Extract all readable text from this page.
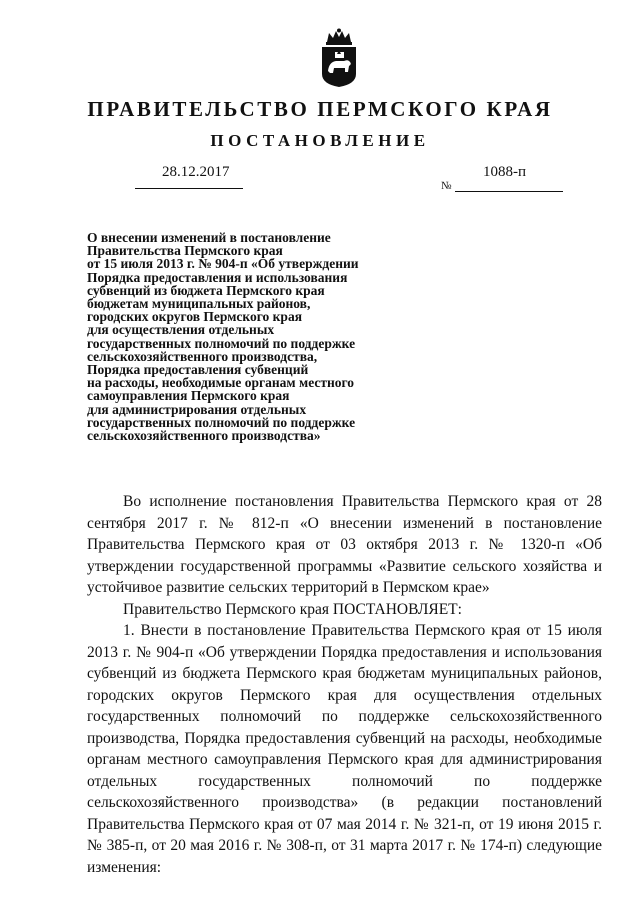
ПРАВИТЕЛЬСТВО ПЕРМСКОГО КРАЯ
ПОСТАНОВЛЕНИЕ
28.12.2017
№
1088-п
О внесении изменений в постановление
Правительства Пермского края
от 15 июля 2013 г. № 904-п «Об утверждении
Порядка предоставления и использования
субвенций из бюджета Пермского края
бюджетам муниципальных районов,
городских округов Пермского края
для осуществления отдельных
государственных полномочий по поддержке
сельскохозяйственного производства,
Порядка предоставления субвенций
на расходы, необходимые органам местного
самоуправления Пермского края
для администрирования отдельных
государственных полномочий по поддержке
сельскохозяйственного производства»
Во исполнение постановления Правительства Пермского края от 28 сентября 2017 г. № 812-п «О внесении изменений в постановление Правительства Пермского края от 03 октября 2013 г. № 1320-п «Об утверждении государственной программы «Развитие сельского хозяйства и устойчивое развитие сельских территорий в Пермском крае»
Правительство Пермского края ПОСТАНОВЛЯЕТ:
1. Внести в постановление Правительства Пермского края от 15 июля 2013 г. № 904-п «Об утверждении Порядка предоставления и использования субвенций из бюджета Пермского края бюджетам муниципальных районов, городских округов Пермского края для осуществления отдельных государственных полномочий по поддержке сельскохозяйственного производства, Порядка предоставления субвенций на расходы, необходимые органам местного самоуправления Пермского края для администрирования отдельных государственных полномочий по поддержке сельскохозяйственного производства» (в редакции постановлений Правительства Пермского края от 07 мая 2014 г. № 321-п, от 19 июня 2015 г. № 385-п, от 20 мая 2016 г. № 308-п, от 31 марта 2017 г. № 174-п) следующие изменения:
